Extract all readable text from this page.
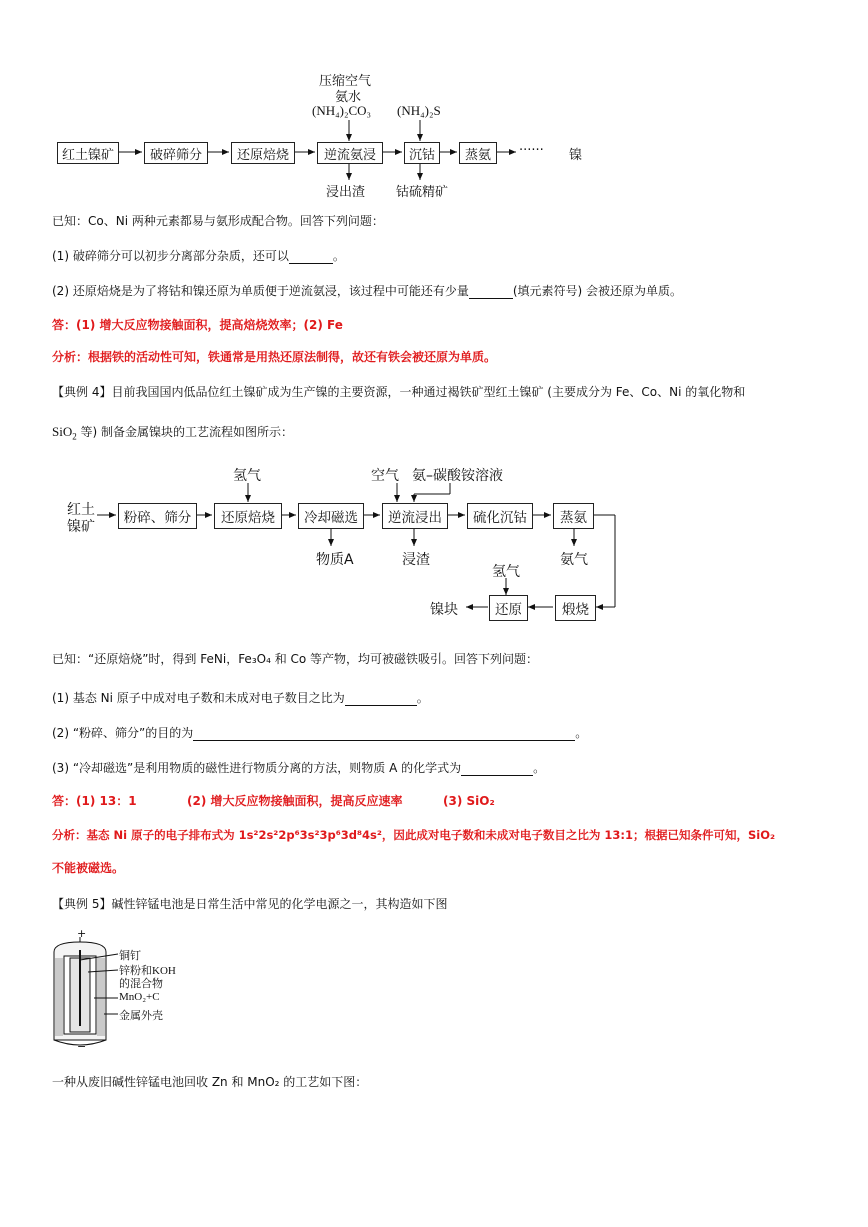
压缩空气
氨水
(NH₄)₂CO₃ (NH₄)₂S
红土镍矿	破碎筛分	还原焙烧	逆流氨浸	沉钴	蒸氨	······ 镍
浸出渣 钴硫精矿
已知：Co、Ni 两种元素都易与氨形成配合物。回答下列问题：
(1) 破碎筛分可以初步分离部分杂质，还可以	。
(2) 还原焙烧是为了将钴和镍还原为单质便于逆流氨浸，该过程中可能还有少量	(填元素符号) 会被还原为单质。
答：(1) 增大反应物接触面积，提高焙烧效率；(2) Fe
分析：根据铁的活动性可知，铁通常是用热还原法制得，故还有铁会被还原为单质。
【典例 4】目前我国国内低品位红土镍矿成为生产镍的主要资源，一种通过褐铁矿型红土镍矿 (主要成分为 Fe、Co、Ni 的氧化物和
SiO$_2$ 等) 制备金属镍块的工艺流程如图所示：
红土
镍矿
粉碎、筛分	还原焙烧	冷却磁选	逆流浸出	硫化沉钴	蒸氨
氢气	空气 氨–碳酸铵溶液
物质A	浸渣	氨气
氢气
煅烧
还原
镍块
已知：“还原焙烧”时，得到 FeNi，Fe₃O₄ 和 Co 等产物，均可被磁铁吸引。回答下列问题：
(1) 基态 Ni 原子中成对电子数和未成对电子数目之比为	。
(2) “粉碎、筛分”的目的为	。
(3) “冷却磁选”是利用物质的磁性进行物质分离的方法，则物质 A 的化学式为	。
答：(1) 13：1	(2) 增大反应物接触面积，提高反应速率	(3) SiO₂
分析：基态 Ni 原子的电子排布式为 1s²2s²2p⁶3s²3p⁶3d⁸4s²，因此成对电子数和未成对电子数目之比为 13:1；根据已知条件可知，SiO₂
不能被磁选。
【典例 5】碱性锌锰电池是日常生活中常见的化学电源之一，其构造如下图
+
−
铜钉
锌粉和KOH
的混合物
MnO₂+C
金属外壳
一种从废旧碱性锌锰电池回收 Zn 和 MnO₂ 的工艺如下图：
